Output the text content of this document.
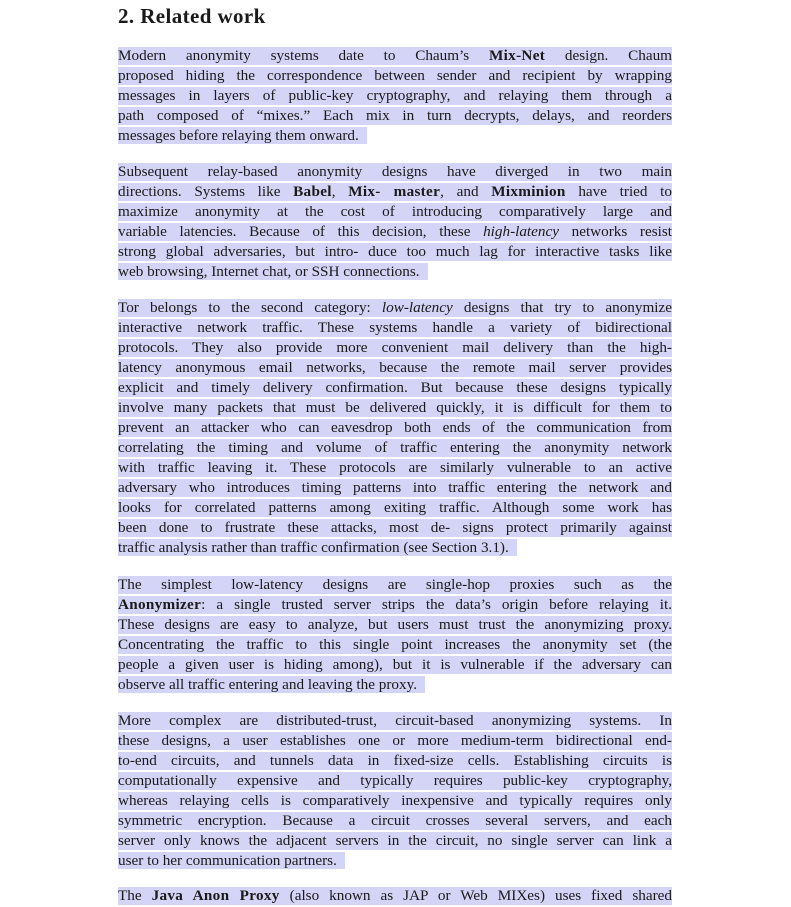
2. Related work
Modern anonymity systems date to Chaum’s Mix-Net design. Chaum
proposed hiding the correspondence between sender and recipient by wrapping
messages in layers of public-key cryptography, and relaying them through a
path composed of “mixes.” Each mix in turn decrypts, delays, and reorders
messages before relaying them onward.
Subsequent relay-based anonymity designs have diverged in two main
directions. Systems like Babel, Mix- master, and Mixminion have tried to
maximize anonymity at the cost of introducing comparatively large and
variable latencies. Because of this decision, these high-latency networks resist
strong global adversaries, but intro- duce too much lag for interactive tasks like
web browsing, Internet chat, or SSH connections.
Tor belongs to the second category: low-latency designs that try to anonymize
interactive network traffic. These systems handle a variety of bidirectional
protocols. They also provide more convenient mail delivery than the high-
latency anonymous email networks, because the remote mail server provides
explicit and timely delivery confirmation. But because these designs typically
involve many packets that must be delivered quickly, it is difficult for them to
prevent an attacker who can eavesdrop both ends of the communication from
correlating the timing and volume of traffic entering the anonymity network
with traffic leaving it. These protocols are similarly vulnerable to an active
adversary who introduces timing patterns into traffic entering the network and
looks for correlated patterns among exiting traffic. Although some work has
been done to frustrate these attacks, most de- signs protect primarily against
traffic analysis rather than traffic confirmation (see Section 3.1).
The simplest low-latency designs are single-hop proxies such as the
Anonymizer: a single trusted server strips the data’s origin before relaying it.
These designs are easy to analyze, but users must trust the anonymizing proxy.
Concentrating the traffic to this single point increases the anonymity set (the
people a given user is hiding among), but it is vulnerable if the adversary can
observe all traffic entering and leaving the proxy.
More complex are distributed-trust, circuit-based anonymizing systems. In
these designs, a user establishes one or more medium-term bidirectional end-
to-end circuits, and tunnels data in fixed-size cells. Establishing circuits is
computationally expensive and typically requires public-key cryptography,
whereas relaying cells is comparatively inexpensive and typically requires only
symmetric encryption. Because a circuit crosses several servers, and each
server only knows the adjacent servers in the circuit, no single server can link a
user to her communication partners.
The Java Anon Proxy (also known as JAP or Web MIXes) uses fixed shared
